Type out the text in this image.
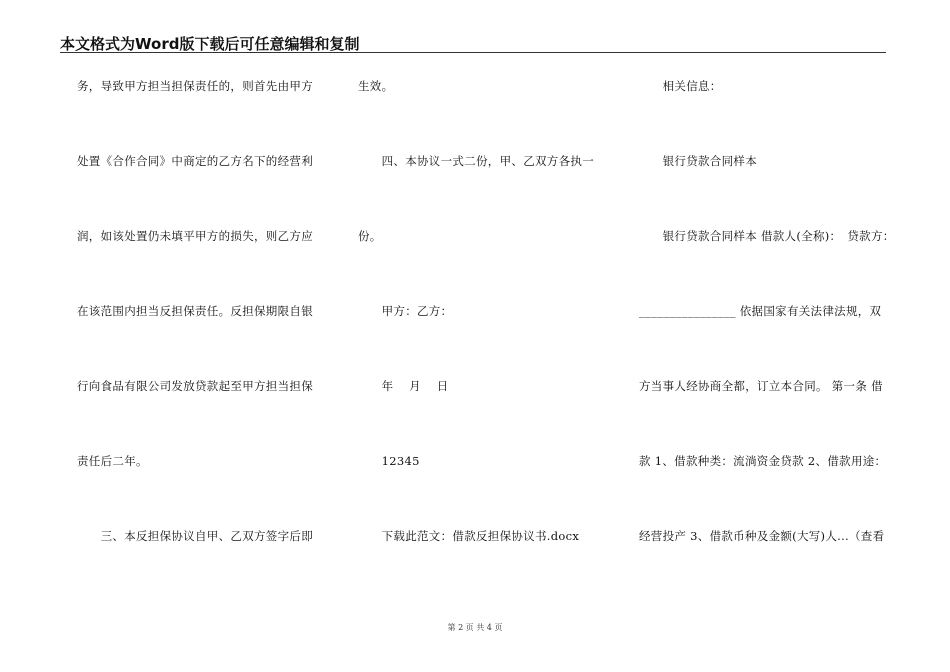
本文格式为Word版下载后可任意编辑和复制
务，导致甲方担当担保责任的，则首先由甲方
处置《合作合同》中商定的乙方名下的经营利
润，如该处置仍未填平甲方的损失，则乙方应
在该范围内担当反担保责任。反担保期限自银
行向食品有限公司发放贷款起至甲方担当担保
责任后二年。
　　三、本反担保协议自甲、乙双方签字后即
生效。
　　四、本协议一式二份，甲、乙双方各执一
份。
　　甲方：乙方：
　　年　 月　 日
　　12345
　　下载此范文：借款反担保协议书.docx
　　相关信息：
　　银行贷款合同样本
　　银行贷款合同样本 借款人(全称)：　贷款方：
________________ 依据国家有关法律法规，双
方当事人经协商全都，订立本合同。 第一条 借
款 1、借款种类：流淌资金贷款 2、借款用途：
经营投产 3、借款币种及金额(大写)人...（查看
第 2 页 共 4 页
